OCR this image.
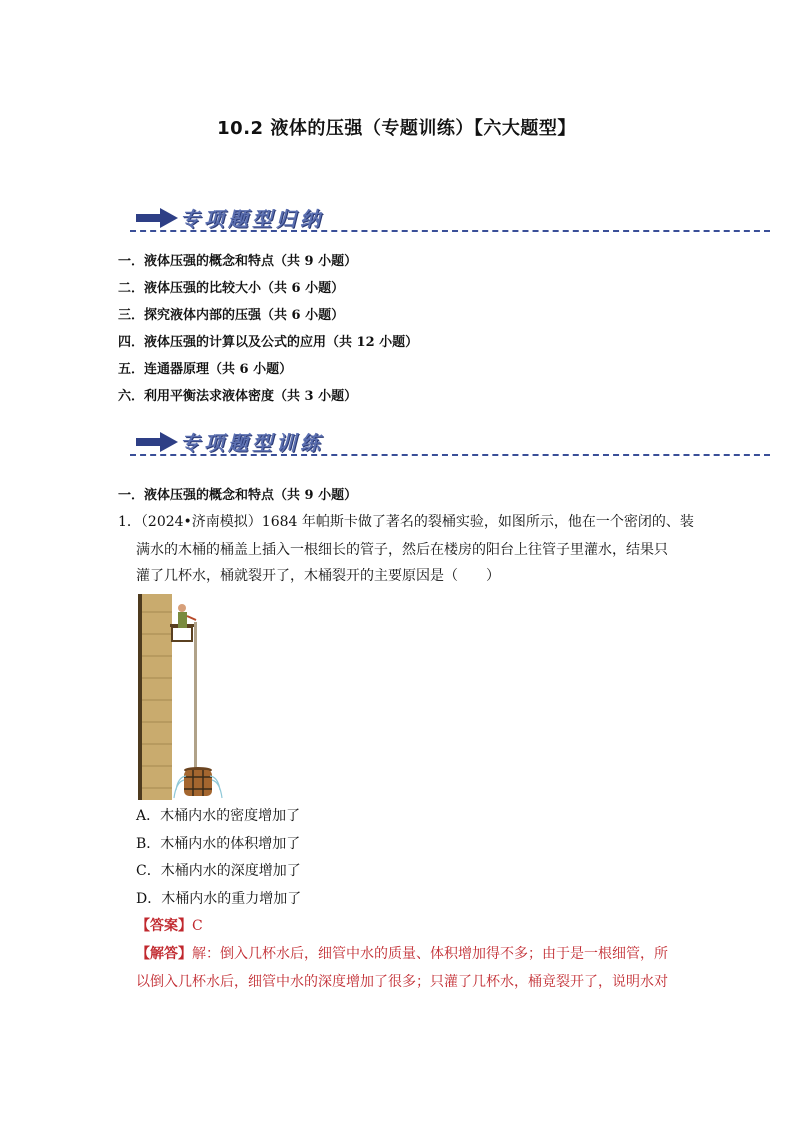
10.2 液体的压强（专题训练）【六大题型】
专项题型归纳
一．液体压强的概念和特点（共 9 小题）
二．液体压强的比较大小（共 6 小题）
三．探究液体内部的压强（共 6 小题）
四．液体压强的计算以及公式的应用（共 12 小题）
五．连通器原理（共 6 小题）
六．利用平衡法求液体密度（共 3 小题）
专项题型训练
一．液体压强的概念和特点（共 9 小题）
1．（2024•济南模拟）1684 年帕斯卡做了著名的裂桶实验，如图所示，他在一个密闭的、装
满水的木桶的桶盖上插入一根细长的管子，然后在楼房的阳台上往管子里灌水，结果只
灌了几杯水，桶就裂开了，木桶裂开的主要原因是（　　）
A．木桶内水的密度增加了
B．木桶内水的体积增加了
C．木桶内水的深度增加了
D．木桶内水的重力增加了
【答案】C
【解答】解：倒入几杯水后，细管中水的质量、体积增加得不多；由于是一根细管，所
以倒入几杯水后，细管中水的深度增加了很多；只灌了几杯水，桶竟裂开了，说明水对
